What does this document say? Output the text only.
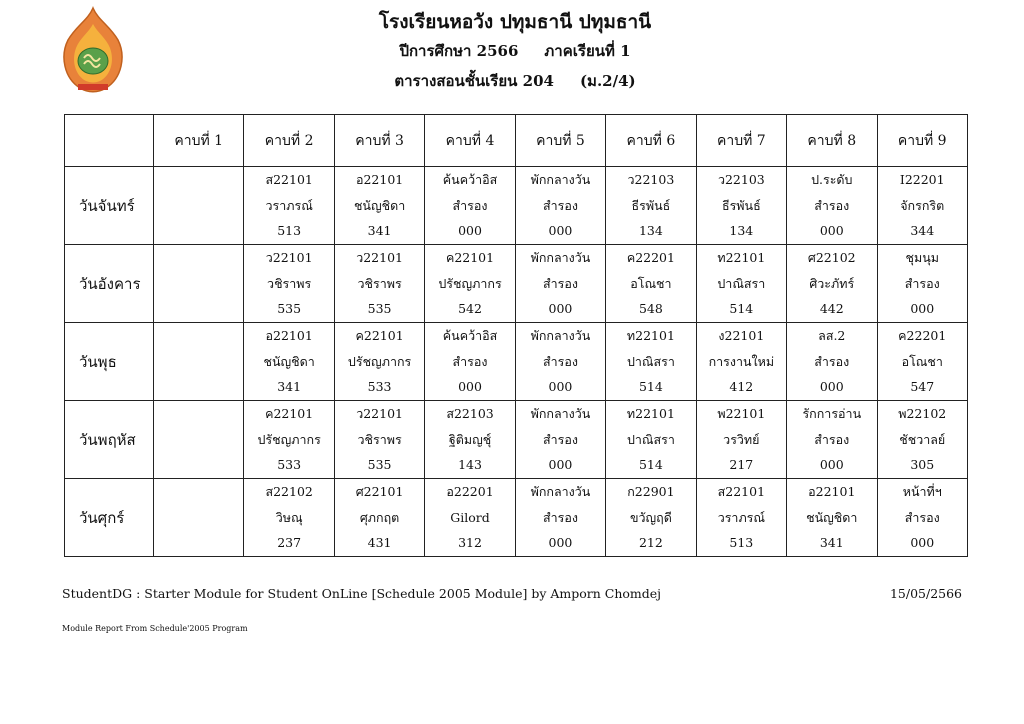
โรงเรียนหอวัง ปทุมธานี ปทุมธานี
ปีการศึกษา 2566 ภาคเรียนที่ 1
ตารางสอนชั้นเรียน 204 (ม.2/4)
	คาบที่ 1	คาบที่ 2	คาบที่ 3	คาบที่ 4	คาบที่ 5	คาบที่ 6	คาบที่ 7	คาบที่ 8	คาบที่ 9
วันจันทร์		ส22101
วราภรณ์
513	อ22101
ชนัญชิดา
341	ค้นคว้าอิส
สำรอง
000	พักกลางวัน
สำรอง
000	ว22103
ธีรพันธ์
134	ว22103
ธีรพันธ์
134	ป.ระดับ
สำรอง
000	I22201
จักรกริต
344

วันอังคาร		ว22101
วชิราพร
535	ว22101
วชิราพร
535	ค22101
ปรัชญภากร
542	พักกลางวัน
สำรอง
000	ค22201
อโณชา
548	ท22101
ปาณิสรา
514	ศ22102
ศิวะภัทร์
442	ชุมนุม
สำรอง
000

วันพุธ		อ22101
ชนัญชิดา
341	ค22101
ปรัชญภากร
533	ค้นคว้าอิส
สำรอง
000	พักกลางวัน
สำรอง
000	ท22101
ปาณิสรา
514	ง22101
การงานใหม่
412	ลส.2
สำรอง
000	ค22201
อโณชา
547

วันพฤหัส		ค22101
ปรัชญภากร
533	ว22101
วชิราพร
535	ส22103
ฐิติมญชุ์
143	พักกลางวัน
สำรอง
000	ท22101
ปาณิสรา
514	พ22101
วรวิทย์
217	รักการอ่าน
สำรอง
000	พ22102
ชัชวาลย์
305

วันศุกร์		ส22102
วิษณุ
237	ศ22101
ศุภกฤต
431	อ22201
Gilord
312	พักกลางวัน
สำรอง
000	ก22901
ขวัญฤดี
212	ส22101
วราภรณ์
513	อ22101
ชนัญชิดา
341	หน้าที่ฯ
สำรอง
000
StudentDG : Starter Module for Student OnLine [Schedule 2005 Module] by Amporn Chomdej	15/05/2566
Module Report From Schedule'2005 Program
